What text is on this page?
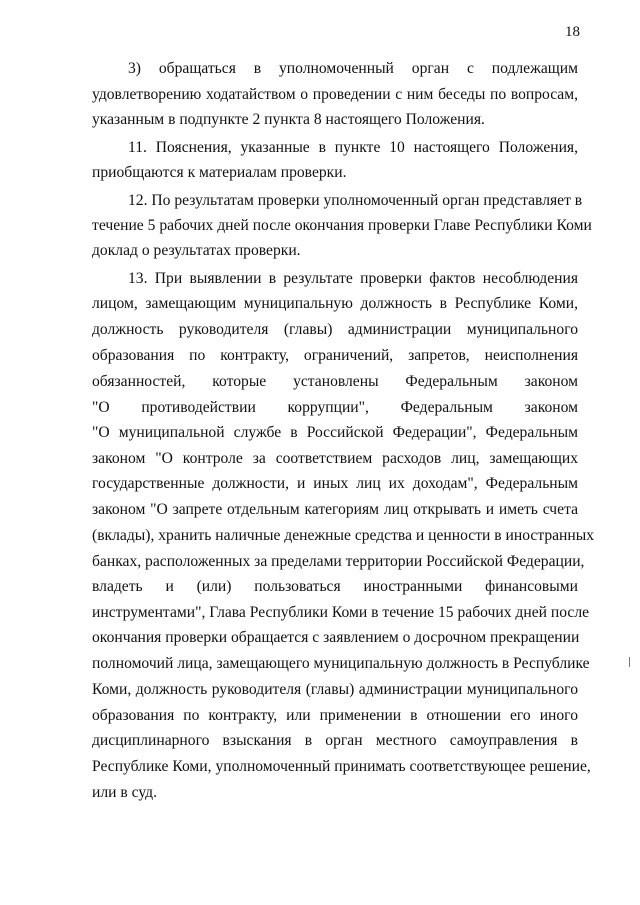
18
3) обращаться в уполномоченный орган с подлежащим
удовлетворению ходатайством о проведении с ним беседы по вопросам,
указанным в подпункте 2 пункта 8 настоящего Положения.
11. Пояснения, указанные в пункте 10 настоящего Положения,
приобщаются к материалам проверки.
12. По результатам проверки уполномоченный орган представляет в
течение 5 рабочих дней после окончания проверки Главе Республики Коми
доклад о результатах проверки.
13. При выявлении в результате проверки фактов несоблюдения
лицом, замещающим муниципальную должность в Республике Коми,
должность руководителя (главы) администрации муниципального
образования по контракту, ограничений, запретов, неисполнения
обязанностей, которые установлены Федеральным законом
"О противодействии коррупции", Федеральным законом
"О муниципальной службе в Российской Федерации", Федеральным
законом "О контроле за соответствием расходов лиц, замещающих
государственные должности, и иных лиц их доходам", Федеральным
законом "О запрете отдельным категориям лиц открывать и иметь счета
(вклады), хранить наличные денежные средства и ценности в иностранных
банках, расположенных за пределами территории Российской Федерации,
владеть и (или) пользоваться иностранными финансовыми
инструментами", Глава Республики Коми в течение 15 рабочих дней после
окончания проверки обращается с заявлением о досрочном прекращении
полномочий лица, замещающего муниципальную должность в Республике
Коми, должность руководителя (главы) администрации муниципального
образования по контракту, или применении в отношении его иного
дисциплинарного взыскания в орган местного самоуправления в
Республике Коми, уполномоченный принимать соответствующее решение,
или в суд.
